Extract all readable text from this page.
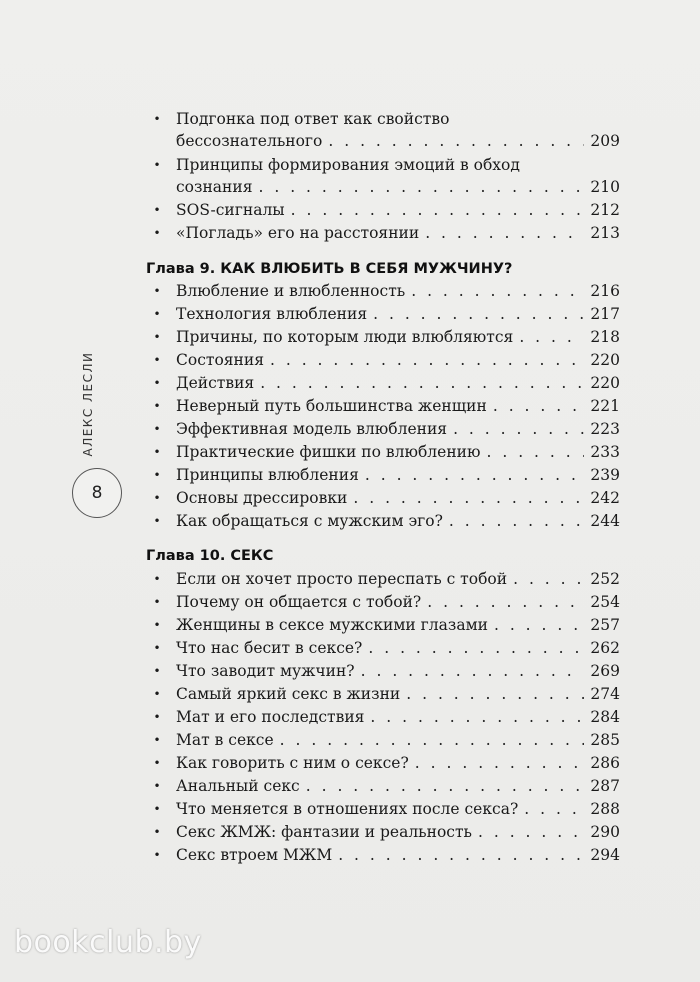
АЛЕКС ЛЕСЛИ
8
• Подгонка под ответ как свойство
бессознательного . . .	209
• Принципы формирования эмоций в обход
сознания . . .	210
• SOS-сигналы . . .	212
• «Погладь» его на расстоянии . . .	213
Глава 9. КАК ВЛЮБИТЬ В СЕБЯ МУЖЧИНУ?
• Влюбление и влюбленность . . .	216
• Технология влюбления . . .	217
• Причины, по которым люди влюбляются . . .	218
• Состояния . . .	220
• Действия . . .	220
• Неверный путь большинства женщин . . .	221
• Эффективная модель влюбления . . .	223
• Практические фишки по влюблению . . .	233
• Принципы влюбления . . .	239
• Основы дрессировки . . .	242
• Как обращаться с мужским эго? . . .	244
Глава 10. СЕКС
• Если он хочет просто переспать с тобой . . .	252
• Почему он общается с тобой? . . .	254
• Женщины в сексе мужскими глазами . . .	257
• Что нас бесит в сексе? . . .	262
• Что заводит мужчин? . . .	269
• Самый яркий секс в жизни . . .	274
• Мат и его последствия . . .	284
• Мат в сексе . . .	285
• Как говорить с ним о сексе? . . .	286
• Анальный секс . . .	287
• Что меняется в отношениях после секса? . . .	288
• Секс ЖМЖ: фантазии и реальность . . .	290
• Секс втроем МЖМ . . .	294
bookclub.by
